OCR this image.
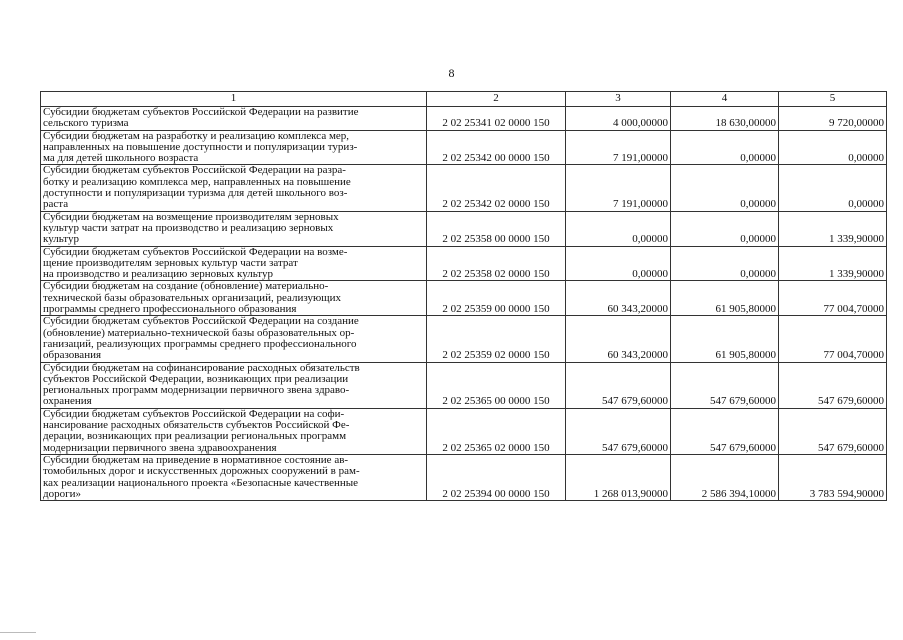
8
1	2	3	4	5

Субсидии бюджетам субъектов Российской Федерации на развитие
сельского туризма	2 02 25341 02 0000 150	4 000,00000	18 630,00000	9 720,00000

Субсидии бюджетам на разработку и реализацию комплекса мер,
направленных на повышение доступности и популяризации туриз-
ма для детей школьного возраста	2 02 25342 00 0000 150	7 191,00000	0,00000	0,00000

Субсидии бюджетам субъектов Российской Федерации на разра-
ботку и реализацию комплекса мер, направленных на повышение
доступности и популяризации туризма для детей школьного воз-
раста	2 02 25342 02 0000 150	7 191,00000	0,00000	0,00000

Субсидии бюджетам на возмещение производителям зерновых
культур части затрат на производство и реализацию зерновых
культур	2 02 25358 00 0000 150	0,00000	0,00000	1 339,90000

Субсидии бюджетам субъектов Российской Федерации на возме-
щение производителям зерновых культур части затрат
на производство и реализацию зерновых культур	2 02 25358 02 0000 150	0,00000	0,00000	1 339,90000

Субсидии бюджетам на создание (обновление) материально-
технической базы образовательных организаций, реализующих
программы среднего профессионального образования	2 02 25359 00 0000 150	60 343,20000	61 905,80000	77 004,70000

Субсидии бюджетам субъектов Российской Федерации на создание
(обновление) материально-технической базы образовательных ор-
ганизаций, реализующих программы среднего профессионального
образования	2 02 25359 02 0000 150	60 343,20000	61 905,80000	77 004,70000

Субсидии бюджетам на софинансирование расходных обязательств
субъектов Российской Федерации, возникающих при реализации
региональных программ модернизации первичного звена здраво-
охранения	2 02 25365 00 0000 150	547 679,60000	547 679,60000	547 679,60000

Субсидии бюджетам субъектов Российской Федерации на софи-
нансирование расходных обязательств субъектов Российской Фе-
дерации, возникающих при реализации региональных программ
модернизации первичного звена здравоохранения	2 02 25365 02 0000 150	547 679,60000	547 679,60000	547 679,60000

Субсидии бюджетам на приведение в нормативное состояние ав-
томобильных дорог и искусственных дорожных сооружений в рам-
ках реализации национального проекта «Безопасные качественные
дороги»	2 02 25394 00 0000 150	1 268 013,90000	2 586 394,10000	3 783 594,90000
